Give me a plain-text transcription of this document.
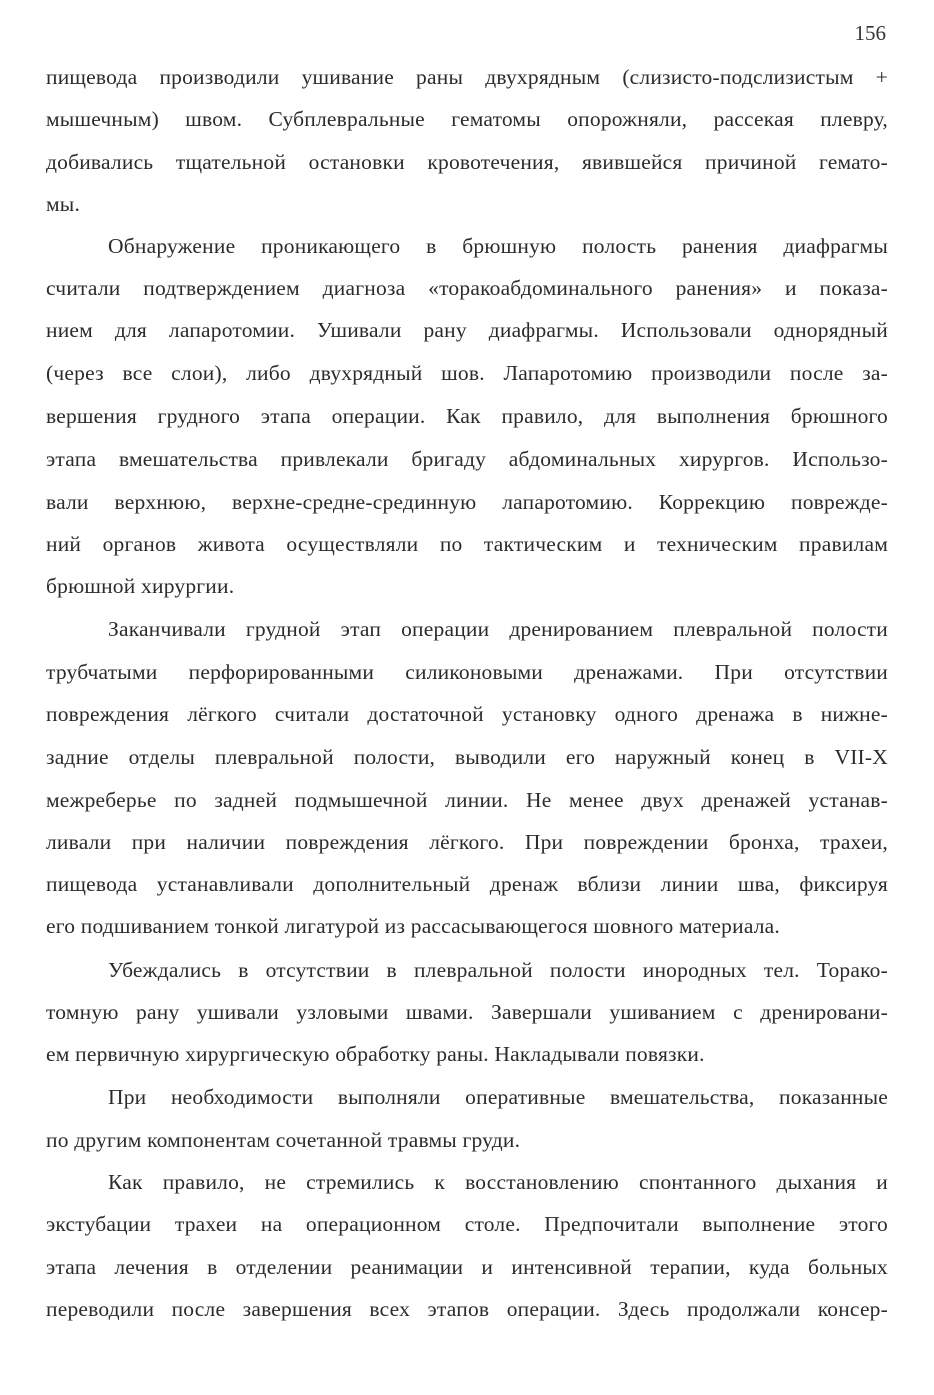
156
пищевода производили ушивание раны двухрядным (слизисто-подслизистым +
мышечным) швом. Субплевральные гематомы опорожняли, рассекая плевру,
добивались тщательной остановки кровотечения, явившейся причиной гемато-
мы.
Обнаружение проникающего в брюшную полость ранения диафрагмы
считали подтверждением диагноза «торакоабдоминального ранения» и показа-
нием для лапаротомии. Ушивали рану диафрагмы. Использовали однорядный
(через все слои), либо двухрядный шов. Лапаротомию производили после за-
вершения грудного этапа операции. Как правило, для выполнения брюшного
этапа вмешательства привлекали бригаду абдоминальных хирургов. Использо-
вали верхнюю, верхне-средне-срединную лапаротомию. Коррекцию поврежде-
ний органов живота осуществляли по тактическим и техническим правилам
брюшной хирургии.
Заканчивали грудной этап операции дренированием плевральной полости
трубчатыми перфорированными силиконовыми дренажами. При отсутствии
повреждения лёгкого считали достаточной установку одного дренажа в нижне-
задние отделы плевральной полости, выводили его наружный конец в VII-X
межреберье по задней подмышечной линии. Не менее двух дренажей устанав-
ливали при наличии повреждения лёгкого. При повреждении бронха, трахеи,
пищевода устанавливали дополнительный дренаж вблизи линии шва, фиксируя
его подшиванием тонкой лигатурой из рассасывающегося шовного материала.
Убеждались в отсутствии в плевральной полости инородных тел. Торако-
томную рану ушивали узловыми швами. Завершали ушиванием с дренировани-
ем первичную хирургическую обработку раны. Накладывали повязки.
При необходимости выполняли оперативные вмешательства, показанные
по другим компонентам сочетанной травмы груди.
Как правило, не стремились к восстановлению спонтанного дыхания и
экстубации трахеи на операционном столе. Предпочитали выполнение этого
этапа лечения в отделении реанимации и интенсивной терапии, куда больных
переводили после завершения всех этапов операции. Здесь продолжали консер-
